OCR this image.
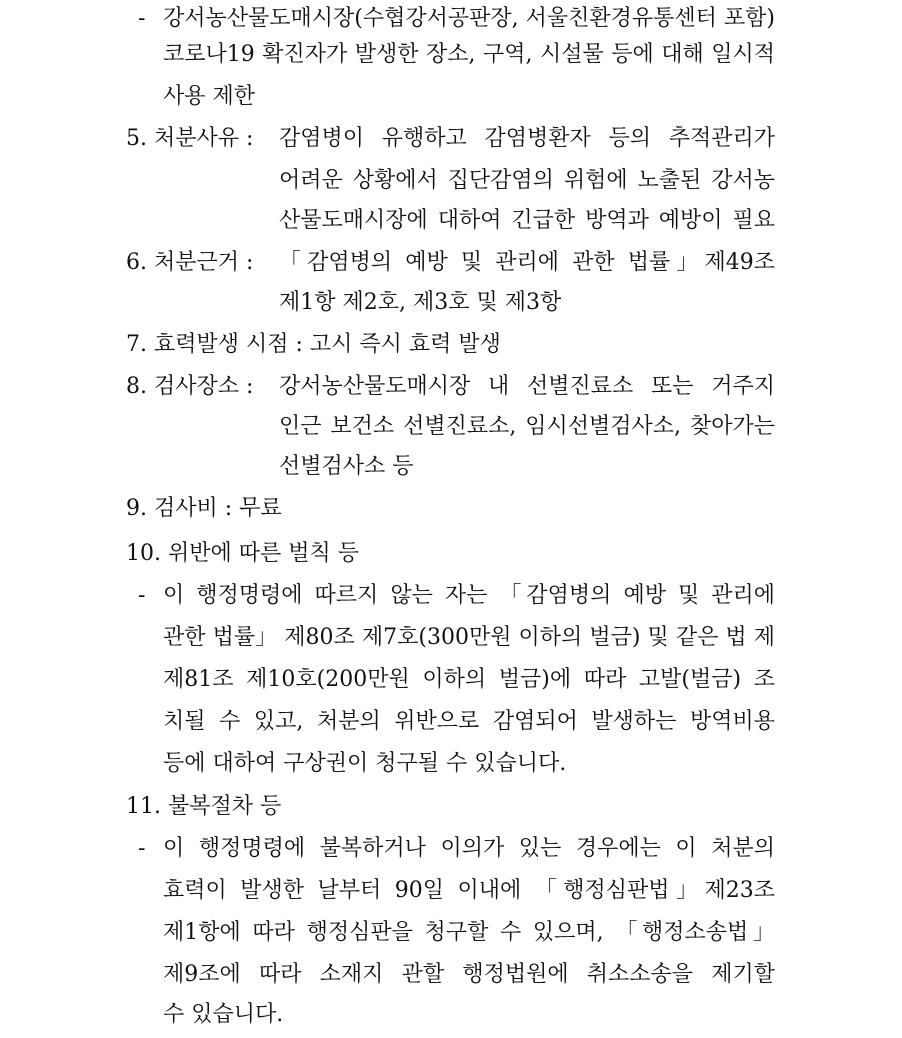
- 강서농산물도매시장(수협강서공판장, 서울친환경유통센터 포함)
코로나19 확진자가 발생한 장소, 구역, 시설물 등에 대해 일시적
사용 제한
5. 처분사유 : 감염병이 유행하고 감염병환자 등의 추적관리가
어려운 상황에서 집단감염의 위험에 노출된 강서농
산물도매시장에 대하여 긴급한 방역과 예방이 필요
6. 처분근거 : 「감염병의 예방 및 관리에 관한 법률」제49조
제1항 제2호, 제3호 및 제3항
7. 효력발생 시점 : 고시 즉시 효력 발생
8. 검사장소 : 강서농산물도매시장 내 선별진료소 또는 거주지
인근 보건소 선별진료소, 임시선별검사소, 찾아가는
선별검사소 등
9. 검사비 : 무료
10. 위반에 따른 벌칙 등
- 이 행정명령에 따르지 않는 자는 「감염병의 예방 및 관리에
관한 법률」 제80조 제7호(300만원 이하의 벌금) 및 같은 법 제
제81조 제10호(200만원 이하의 벌금)에 따라 고발(벌금) 조
치될 수 있고, 처분의 위반으로 감염되어 발생하는 방역비용
등에 대하여 구상권이 청구될 수 있습니다.
11. 불복절차 등
- 이 행정명령에 불복하거나 이의가 있는 경우에는 이 처분의
효력이 발생한 날부터 90일 이내에 「행정심판법」제23조
제1항에 따라 행정심판을 청구할 수 있으며, 「행정소송법」
제9조에 따라 소재지 관할 행정법원에 취소소송을 제기할
수 있습니다.
